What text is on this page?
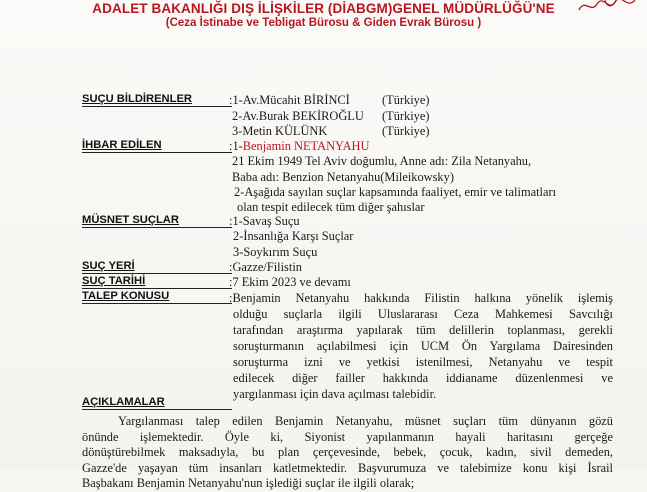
ADALET BAKANLIĞI DIŞ İLİŞKİLER (DİABGM)GENEL MÜDÜRLÜĞÜ'NE
(Ceza İstinabe ve Tebligat Bürosu & Giden Evrak Bürosu )
SUÇU BİLDİRENLER	:1-Av.Mücahit BİRİNCİ	(Türkiye)
2-Av.Burak BEKİROĞLU (Türkiye)
3-Metin KÜLÜNK	(Türkiye)
İHBAR EDİLEN	:1-Benjamin NETANYAHU
21 Ekim 1949 Tel Aviv doğumlu, Anne adı: Zila Netanyahu,
Baba adı: Benzion Netanyahu(Mileikowsky)
2-Aşağıda sayılan suçlar kapsamında faaliyet, emir ve talimatları
olan tespit edilecek tüm diğer şahıslar
MÜSNET SUÇLAR	:1-Savaş Suçu
2-İnsanlığa Karşı Suçlar
3-Soykırım Suçu
SUÇ YERİ	:Gazze/Filistin
SUÇ TARİHİ	:7 Ekim 2023 ve devamı
TALEP KONUSU	:Benjamin Netanyahu hakkında Filistin halkına yönelik işlemiş
olduğu suçlarla ilgili Uluslararası Ceza Mahkemesi Savcılığı
tarafından araştırma yapılarak tüm delillerin toplanması, gerekli
soruşturmanın açılabilmesi için UCM Ön Yargılama Dairesinden
soruşturma izni ve yetkisi istenilmesi, Netanyahu ve tespit
edilecek diğer failler hakkında iddianame düzenlenmesi ve
yargılanması için dava açılması talebidir.
AÇIKLAMALAR
Yargılanması talep edilen Benjamin Netanyahu, müsnet suçları tüm dünyanın gözü
önünde işlemektedir. Öyle ki, Siyonist yapılanmanın hayali haritasını gerçeğe
dönüştürebilmek maksadıyla, bu plan çerçevesinde, bebek, çocuk, kadın, sivil demeden,
Gazze'de yaşayan tüm insanları katletmektedir. Başvurumuza ve talebimize konu kişi İsrail
Başbakanı Benjamin Netanyahu'nun işlediği suçlar ile ilgili olarak;
